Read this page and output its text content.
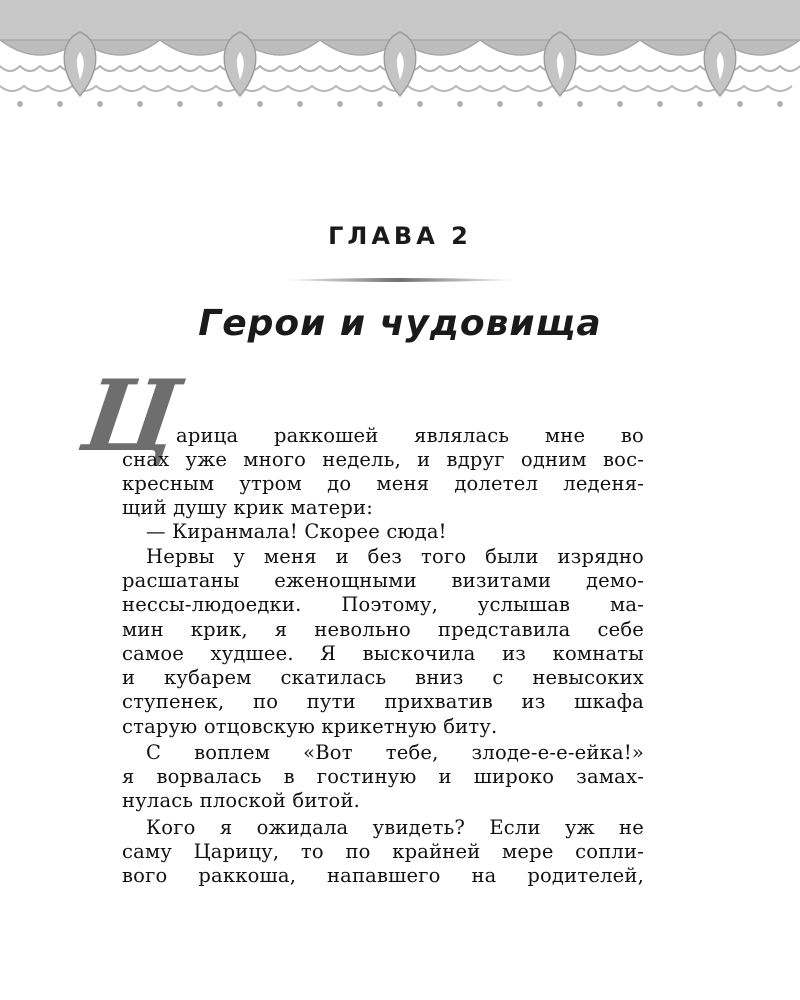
ГЛАВА 2
Герои и чудовища
Ц
арица раккошей являлась мне во
снах уже много недель, и вдруг одним вос-
кресным утром до меня долетел леденя-
щий душу крик матери:
— Киранмала! Скорее сюда!
Нервы у меня и без того были изрядно
расшатаны еженощными визитами демо-
нессы-людоедки. Поэтому, услышав ма-
мин крик, я невольно представила себе
самое худшее. Я выскочила из комнаты
и кубарем скатилась вниз с невысоких
ступенек, по пути прихватив из шкафа
старую отцовскую крикетную биту.
С воплем «Вот тебе, злоде-е-е-ейка!»
я ворвалась в гостиную и широко замах-
нулась плоской битой.
Кого я ожидала увидеть? Если уж не
саму Царицу, то по крайней мере сопли-
вого раккоша, напавшего на родителей,
